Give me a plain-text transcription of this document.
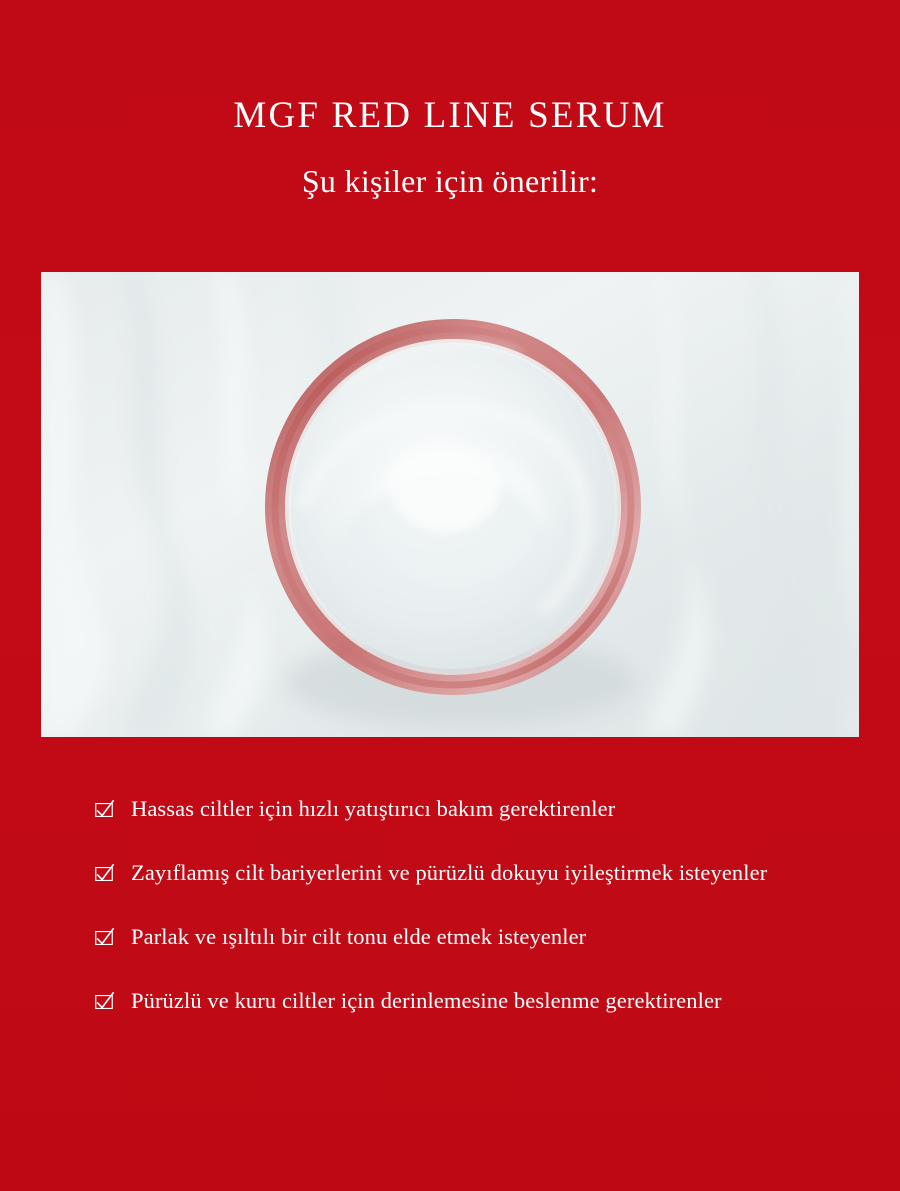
MGF RED LINE SERUM
Şu kişiler için önerilir:
Hassas ciltler için hızlı yatıştırıcı bakım gerektirenler
Zayıflamış cilt bariyerlerini ve pürüzlü dokuyu iyileştirmek isteyenler
Parlak ve ışıltılı bir cilt tonu elde etmek isteyenler
Pürüzlü ve kuru ciltler için derinlemesine beslenme gerektirenler
